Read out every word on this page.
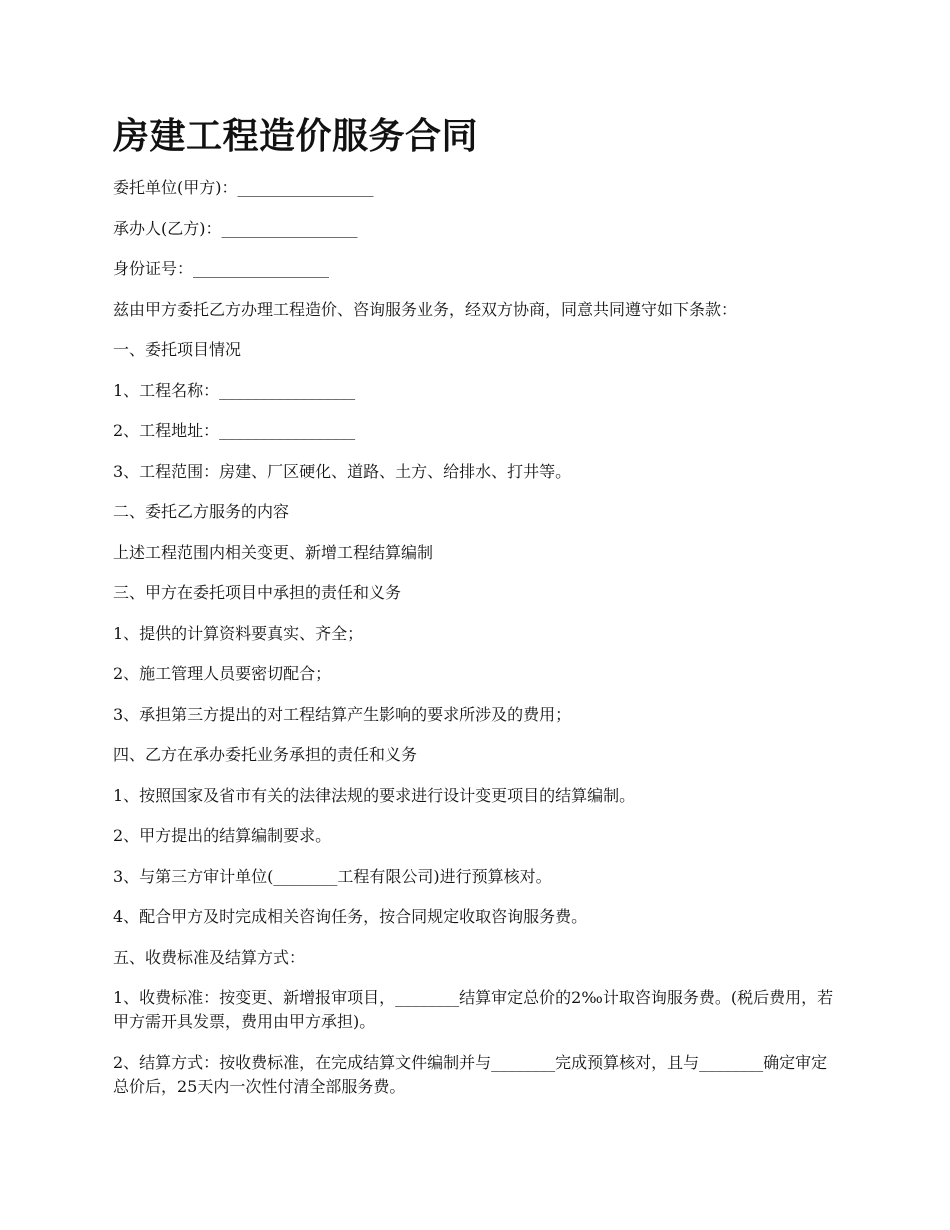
房建工程造价服务合同

委托单位(甲方)：_________________

承办人(乙方)：_________________

身份证号：_________________

兹由甲方委托乙方办理工程造价、咨询服务业务，经双方协商，同意共同遵守如下条款：

一、委托项目情况

1、工程名称：_________________

2、工程地址：_________________

3、工程范围：房建、厂区硬化、道路、土方、给排水、打井等。

二、委托乙方服务的内容

上述工程范围内相关变更、新增工程结算编制

三、甲方在委托项目中承担的责任和义务

1、提供的计算资料要真实、齐全；

2、施工管理人员要密切配合；

3、承担第三方提出的对工程结算产生影响的要求所涉及的费用；

四、乙方在承办委托业务承担的责任和义务

1、按照国家及省市有关的法律法规的要求进行设计变更项目的结算编制。

2、甲方提出的结算编制要求。

3、与第三方审计单位(________工程有限公司)进行预算核对。

4、配合甲方及时完成相关咨询任务，按合同规定收取咨询服务费。

五、收费标准及结算方式：

1、收费标准：按变更、新增报审项目，________结算审定总价的2‰计取咨询服务费。(税后费用，若甲方需开具发票，费用由甲方承担)。

2、结算方式：按收费标准，在完成结算文件编制并与________完成预算核对，且与________确定审定总价后，25天内一次性付清全部服务费。
